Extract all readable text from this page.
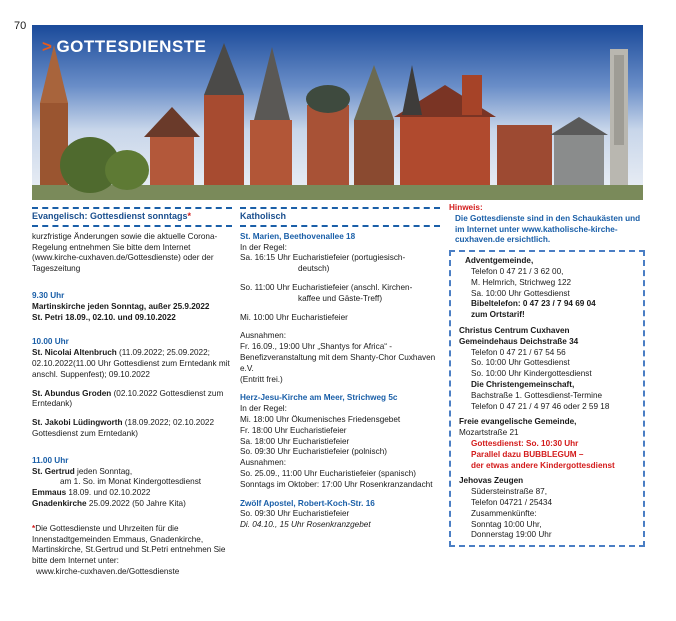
70
> GOTTESDIENSTE
Evangelisch: Gottesdienst sonntags*
kurzfristige Änderungen sowie die aktuelle Corona-Regelung entnehmen Sie bitte dem Internet (www.kirche-cuxhaven.de/Gottesdienste) oder der Tageszeitung
9.30 Uhr
Martinskirche jeden Sonntag, außer 25.9.2022
St. Petri 18.09., 02.10. und 09.10.2022
10.00 Uhr
St. Nicolai Altenbruch (11.09.2022; 25.09.2022; 02.10.2022(11.00 Uhr Gottesdienst zum Erntedank mit anschl. Suppenfest); 09.10.2022
St. Abundus Groden (02.10.2022 Gottesdienst zum Erntedank)
St. Jakobi Lüdingworth (18.09.2022; 02.10.2022 Gottesdienst zum Erntedank)
11.00 Uhr
St. Gertrud jeden Sonntag,
am 1. So. im Monat Kindergottesdienst
Emmaus 18.09. und 02.10.2022
Gnadenkirche 25.09.2022 (50 Jahre Kita)
*Die Gottesdienste und Uhrzeiten für die Innenstadtgemeinden Emmaus, Gnadenkirche, Martinskirche, St.Gertrud und St.Petri entnehmen Sie bitte dem Internet unter:
www.kirche-cuxhaven.de/Gottesdienste
Katholisch
St. Marien, Beethovenallee 18
In der Regel:
Sa. 16:15 Uhr Eucharistiefeier (portugiesisch-
deutsch)
So. 11:00 Uhr Eucharistiefeier (anschl. Kirchen-
kaffee und Gäste-Treff)
Mi. 10:00 Uhr Eucharistiefeier
Ausnahmen:
Fr. 16.09., 19:00 Uhr „Shantys for Africa“ - Benefizveranstaltung mit dem Shanty-Chor Cuxhaven e.V.
(Entritt frei.)
Herz-Jesu-Kirche am Meer, Strichweg 5c
In der Regel:
Mi. 18:00 Uhr Ökumenisches Friedensgebet
Fr. 18:00 Uhr Eucharistiefeier
Sa. 18:00 Uhr Eucharistiefeier
So. 09:30 Uhr Eucharistiefeier (polnisch)
Ausnahmen:
So. 25.09., 11:00 Uhr Eucharistiefeier (spanisch)
Sonntags im Oktober: 17:00 Uhr Rosenkranzandacht
Zwölf Apostel, Robert-Koch-Str. 16
So. 09:30 Uhr Eucharistiefeier
Di. 04.10., 15 Uhr Rosenkranzgebet
Hinweis:
Die Gottesdienste sind in den Schaukästen und im Internet unter www.katholische-kirche-cuxhaven.de ersichtlich.
Adventgemeinde,
Telefon 0 47 21 / 3 62 00,
M. Helmrich, Strichweg 122
Sa. 10:00 Uhr Gottesdienst
Bibeltelefon: 0 47 23 / 7 94 69 04
zum Ortstarif!
Christus Centrum Cuxhaven
Gemeindehaus Deichstraße 34
Telefon 0 47 21 / 67 54 56
So. 10:00 Uhr Gottesdienst
So. 10:00 Uhr Kindergottesdienst
Die Christengemeinschaft,
Bachstraße 1. Gottesdienst-Termine
Telefon 0 47 21 / 4 97 46 oder 2 59 18
Freie evangelische Gemeinde,
Mozartstraße 21
Gottesdienst: So. 10:30 Uhr
Parallel dazu BUBBLEGUM –
der etwas andere Kindergottesdienst
Jehovas Zeugen
Südersteinstraße 87,
Telefon 04721 / 25434
Zusammenkünfte:
Sonntag 10:00 Uhr,
Donnerstag 19:00 Uhr
